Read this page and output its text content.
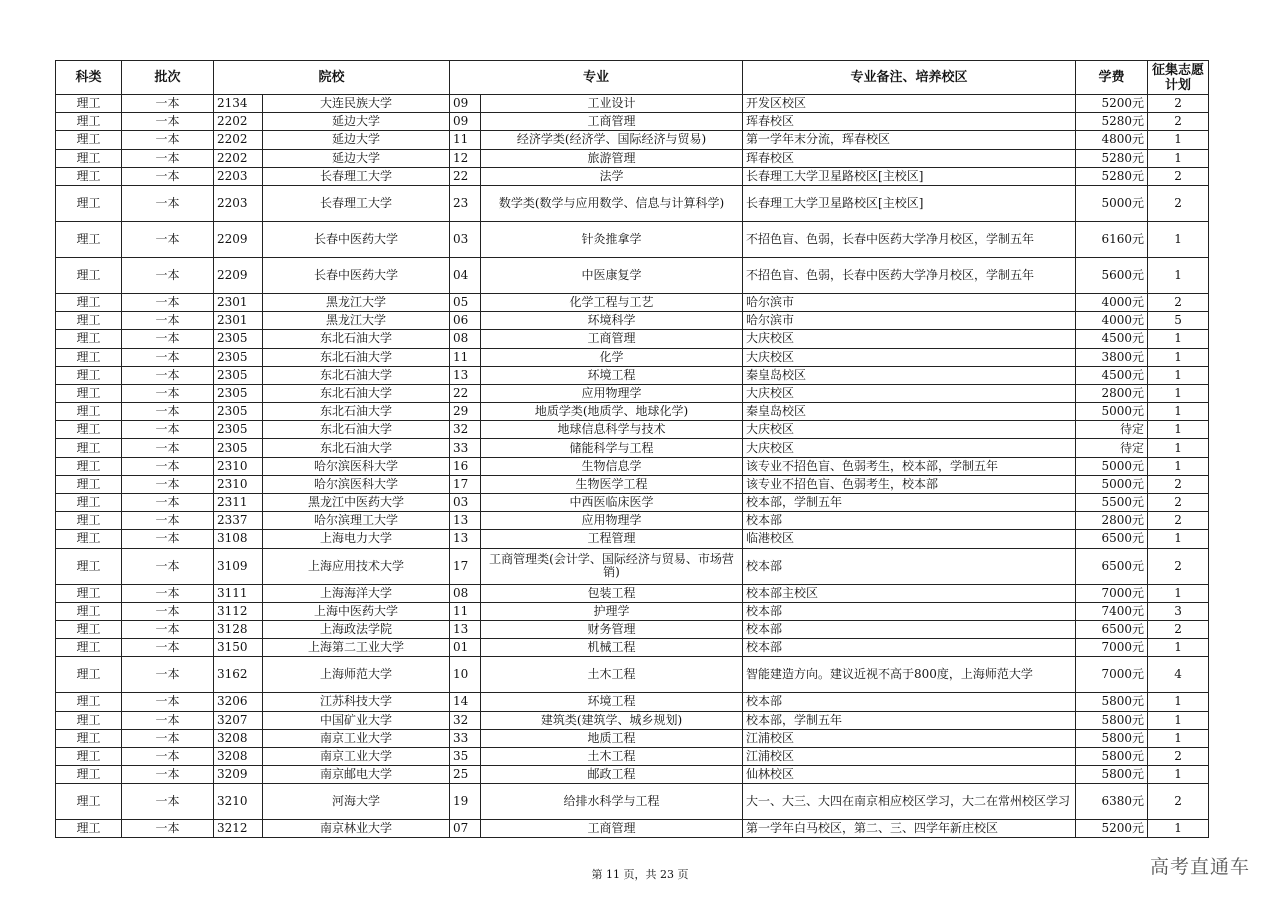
科类	批次	院校		专业		专业备注、培养校区	学费	征集志愿计划
理工	一本	2134	大连民族大学	09	工业设计	开发区校区	5200元	2
理工	一本	2202	延边大学	09	工商管理	珲春校区	5280元	2
理工	一本	2202	延边大学	11	经济学类(经济学、国际经济与贸易)	第一学年末分流，珲春校区	4800元	1
理工	一本	2202	延边大学	12	旅游管理	珲春校区	5280元	1
理工	一本	2203	长春理工大学	22	法学	长春理工大学卫星路校区[主校区]	5280元	2
理工	一本	2203	长春理工大学	23	数学类(数学与应用数学、信息与计算科学)	长春理工大学卫星路校区[主校区]	5000元	2
理工	一本	2209	长春中医药大学	03	针灸推拿学	不招色盲、色弱，长春中医药大学净月校区，学制五年	6160元	1
理工	一本	2209	长春中医药大学	04	中医康复学	不招色盲、色弱，长春中医药大学净月校区，学制五年	5600元	1
理工	一本	2301	黑龙江大学	05	化学工程与工艺	哈尔滨市	4000元	2
理工	一本	2301	黑龙江大学	06	环境科学	哈尔滨市	4000元	5
理工	一本	2305	东北石油大学	08	工商管理	大庆校区	4500元	1
理工	一本	2305	东北石油大学	11	化学	大庆校区	3800元	1
理工	一本	2305	东北石油大学	13	环境工程	秦皇岛校区	4500元	1
理工	一本	2305	东北石油大学	22	应用物理学	大庆校区	2800元	1
理工	一本	2305	东北石油大学	29	地质学类(地质学、地球化学)	秦皇岛校区	5000元	1
理工	一本	2305	东北石油大学	32	地球信息科学与技术	大庆校区	待定	1
理工	一本	2305	东北石油大学	33	储能科学与工程	大庆校区	待定	1
理工	一本	2310	哈尔滨医科大学	16	生物信息学	该专业不招色盲、色弱考生，校本部，学制五年	5000元	1
理工	一本	2310	哈尔滨医科大学	17	生物医学工程	该专业不招色盲、色弱考生，校本部	5000元	2
理工	一本	2311	黑龙江中医药大学	03	中西医临床医学	校本部，学制五年	5500元	2
理工	一本	2337	哈尔滨理工大学	13	应用物理学	校本部	2800元	2
理工	一本	3108	上海电力大学	13	工程管理	临港校区	6500元	1
理工	一本	3109	上海应用技术大学	17	工商管理类(会计学、国际经济与贸易、市场营销)	校本部	6500元	2
理工	一本	3111	上海海洋大学	08	包装工程	校本部主校区	7000元	1
理工	一本	3112	上海中医药大学	11	护理学	校本部	7400元	3
理工	一本	3128	上海政法学院	13	财务管理	校本部	6500元	2
理工	一本	3150	上海第二工业大学	01	机械工程	校本部	7000元	1
理工	一本	3162	上海师范大学	10	土木工程	智能建造方向。建议近视不高于800度，上海师范大学	7000元	4
理工	一本	3206	江苏科技大学	14	环境工程	校本部	5800元	1
理工	一本	3207	中国矿业大学	32	建筑类(建筑学、城乡规划)	校本部，学制五年	5800元	1
理工	一本	3208	南京工业大学	33	地质工程	江浦校区	5800元	1
理工	一本	3208	南京工业大学	35	土木工程	江浦校区	5800元	2
理工	一本	3209	南京邮电大学	25	邮政工程	仙林校区	5800元	1
理工	一本	3210	河海大学	19	给排水科学与工程	大一、大三、大四在南京相应校区学习，大二在常州校区学习	6380元	2
理工	一本	3212	南京林业大学	07	工商管理	第一学年白马校区，第二、三、四学年新庄校区	5200元	1
第 11 页，共 23 页	高考直通车
